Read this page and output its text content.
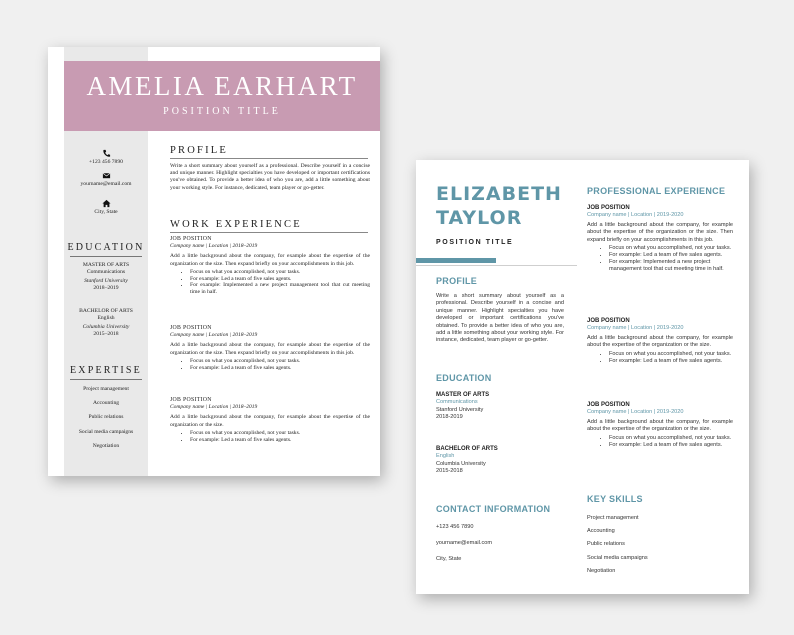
AMELIA EARHART
POSITION TITLE
+123 456 7890
yourname@email.com
City, State
EDUCATION
MASTER OF ARTS
Communications
Stanford University
2018–2019
BACHELOR OF ARTS
English
Columbia University
2015–2018
EXPERTISE
Project management
Accounting
Public relations
Social media campaigns
Negotiation
PROFILE
Write a short summary about yourself as a professional. Describe yourself in a concise and unique manner. Highlight specialties you have developed or important certifications you've obtained. To provide a better idea of who you are, add a little something about your working style. For instance, dedicated, team player or go-getter.
WORK EXPERIENCE
JOB POSITION
Company name | Location | 2018–2019
Add a little background about the company, for example about the expertise of the organization or the size. Then expand briefly on your accomplishments in this job.
• Focus on what you accomplished, not your tasks.
• For example: Led a team of five sales agents.
• For example: Implemented a new project management tool that cut meeting time in half.
JOB POSITION
Company name | Location | 2018–2019
Add a little background about the company, for example about the expertise of the organization or the size. Then expand briefly on your accomplishments in this job.
• Focus on what you accomplished, not your tasks.
• For example: Led a team of five sales agents.
JOB POSITION
Company name | Location | 2018–2019
Add a little background about the company, for example about the expertise of the organization or the size.
• Focus on what you accomplished, not your tasks.
• For example: Led a team of five sales agents.
ELIZABETH
TAYLOR
POSITION TITLE
PROFILE
Write a short summary about yourself as a professional. Describe yourself in a concise and unique manner. Highlight specialties you have developed or important certifications you've obtained. To provide a better idea of who you are, add a little something about your working style. For instance, dedicated, team player or go-getter.
EDUCATION
MASTER OF ARTS
Communications
Stanford University
2018-2019
BACHELOR OF ARTS
English
Columbia University
2015-2018
CONTACT INFORMATION
+123 456 7890
yourname@email.com
City, State
PROFESSIONAL EXPERIENCE
JOB POSITION
Company name | Location | 2019-2020
Add a little background about the company, for example about the expertise of the organization or the size. Then expand briefly on your accomplishments in this job.
• Focus on what you accomplished, not your tasks.
• For example: Led a team of five sales agents.
• For example: Implemented a new project management tool that cut meeting time in half.
JOB POSITION
Company name | Location | 2019-2020
Add a little background about the company, for example about the expertise of the organization or the size.
• Focus on what you accomplished, not your tasks.
• For example: Led a team of five sales agents.
JOB POSITION
Company name | Location | 2019-2020
Add a little background about the company, for example about the expertise of the organization or the size.
• Focus on what you accomplished, not your tasks.
• For example: Led a team of five sales agents.
KEY SKILLS
Project management
Accounting
Public relations
Social media campaigns
Negotiation
